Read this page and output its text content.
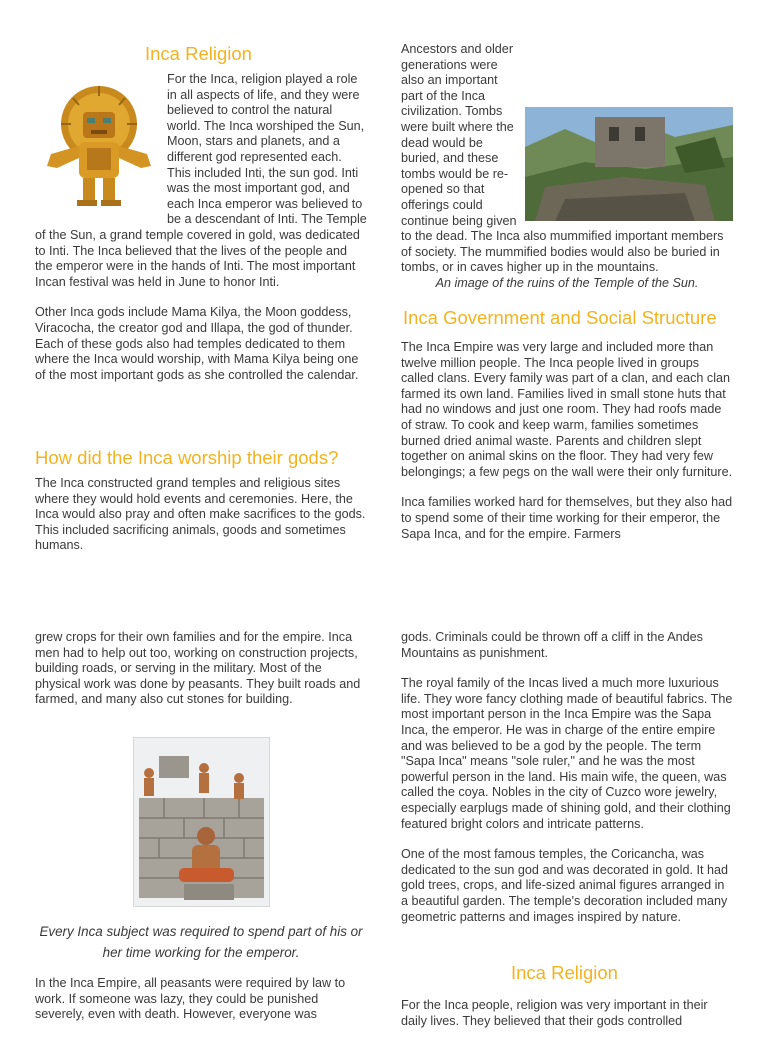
Inca Religion

For the Inca, religion played a role in all aspects of life, and they were believed to control the natural world. The Inca worshiped the Sun, Moon, stars and planets, and a different god represented each. This included Inti, the sun god. Inti was the most important god, and each Inca emperor was believed to be a descendant of Inti. The Temple of the Sun, a grand temple covered in gold, was dedicated to Inti. The Inca believed that the lives of the people and the emperor were in the hands of Inti. The most important Incan festival was held in June to honor Inti.

Other Inca gods include Mama Kilya, the Moon goddess, Viracocha, the creator god and Illapa, the god of thunder. Each of these gods also had temples dedicated to them where the Inca would worship, with Mama Kilya being one of the most important gods as she controlled the calendar.

How did the Inca worship their gods?

The Inca constructed grand temples and religious sites where they would hold events and ceremonies. Here, the Inca would also pray and often make sacrifices to the gods. This included sacrificing animals, goods and sometimes humans.

Ancestors and older generations were also an important part of the Inca civilization. Tombs were built where the dead would be buried, and these tombs would be re-opened so that offerings could continue being given to the dead. The Inca also mummified important members of society. The mummified bodies would also be buried in tombs, or in caves higher up in the mountains.

An image of the ruins of the Temple of the Sun.
Inca Government and Social Structure

The Inca Empire was very large and included more than twelve million people. The Inca people lived in groups called clans. Every family was part of a clan, and each clan farmed its own land. Families lived in small stone huts that had no windows and just one room. They had roofs made of straw. To cook and keep warm, families sometimes burned dried animal waste. Parents and children slept together on animal skins on the floor. They had very few belongings; a few pegs on the wall were their only furniture.

Inca families worked hard for themselves, but they also had to spend some of their time working for their emperor, the Sapa Inca, and for the empire. Farmers

grew crops for their own families and for the empire. Inca men had to help out too, working on construction projects, building roads, or serving in the military. Most of the physical work was done by peasants. They built roads and farmed, and many also cut stones for building.

Every Inca subject was required to spend part of his or her time working for the emperor.

In the Inca Empire, all peasants were required by law to work. If someone was lazy, they could be punished severely, even with death. However, everyone was

gods. Criminals could be thrown off a cliff in the Andes Mountains as punishment.

The royal family of the Incas lived a much more luxurious life. They wore fancy clothing made of beautiful fabrics. The most important person in the Inca Empire was the Sapa Inca, the emperor. He was in charge of the entire empire and was believed to be a god by the people. The term "Sapa Inca" means "sole ruler," and he was the most powerful person in the land. His main wife, the queen, was called the coya. Nobles in the city of Cuzco wore jewelry, especially earplugs made of shining gold, and their clothing featured bright colors and intricate patterns.

One of the most famous temples, the Coricancha, was dedicated to the sun god and was decorated in gold. It had gold trees, crops, and life-sized animal figures arranged in a beautiful garden. The temple's decoration included many geometric patterns and images inspired by nature.

Inca Religion

For the Inca people, religion was very important in their daily lives. They believed that their gods controlled
